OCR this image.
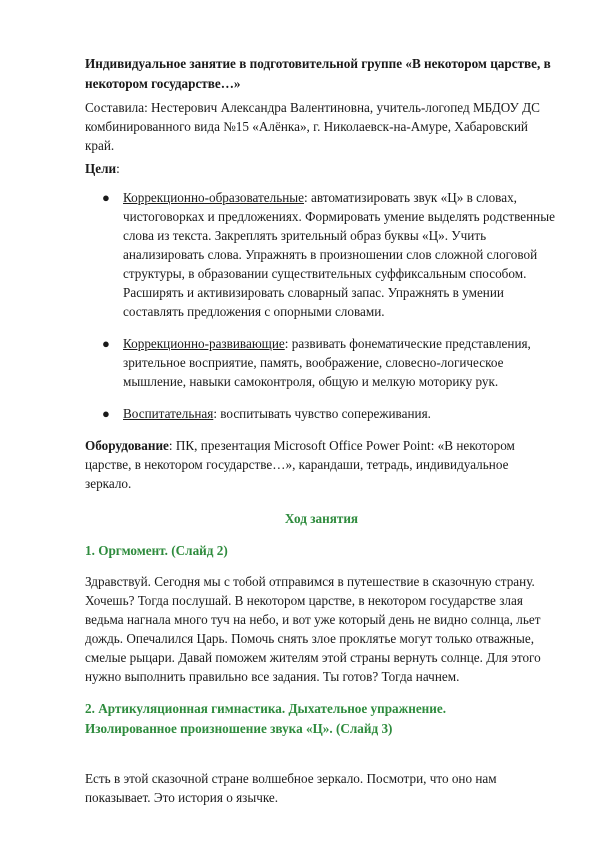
Индивидуальное занятие в подготовительной группе «В некотором царстве, в некотором государстве…»

Составила: Нестерович Александра Валентиновна, учитель-логопед МБДОУ ДС комбинированного вида №15 «Алёнка», г. Николаевск-на-Амуре, Хабаровский край.

Цели:

● Коррекционно-образовательные: автоматизировать звук «Ц» в словах, чистоговорках и предложениях. Формировать умение выделять родственные слова из текста. Закреплять зрительный образ буквы «Ц». Учить анализировать слова. Упражнять в произношении слов сложной слоговой структуры, в образовании существительных суффиксальным способом. Расширять и активизировать словарный запас. Упражнять в умении составлять предложения с опорными словами.
● Коррекционно-развивающие: развивать фонематические представления, зрительное восприятие, память, воображение, словесно-логическое мышление, навыки самоконтроля, общую и мелкую моторику рук.
● Воспитательная: воспитывать чувство сопереживания.

Оборудование: ПК, презентация Microsoft Office Power Point: «В некотором царстве, в некотором государстве…», карандаши, тетрадь, индивидуальное зеркало.

Ход занятия

1. Оргмомент. (Слайд 2)

Здравствуй. Сегодня мы с тобой отправимся в путешествие в сказочную страну. Хочешь? Тогда послушай. В некотором царстве, в некотором государстве злая ведьма нагнала много туч на небо, и вот уже который день не видно солнца, льет дождь. Опечалился Царь. Помочь снять злое проклятье могут только отважные, смелые рыцари. Давай поможем жителям этой страны вернуть солнце. Для этого нужно выполнить правильно все задания. Ты готов? Тогда начнем.

2. Артикуляционная гимнастика. Дыхательное упражнение.
Изолированное произношение звука «Ц». (Слайд 3)

Есть в этой сказочной стране волшебное зеркало. Посмотри, что оно нам показывает. Это история о язычке.
